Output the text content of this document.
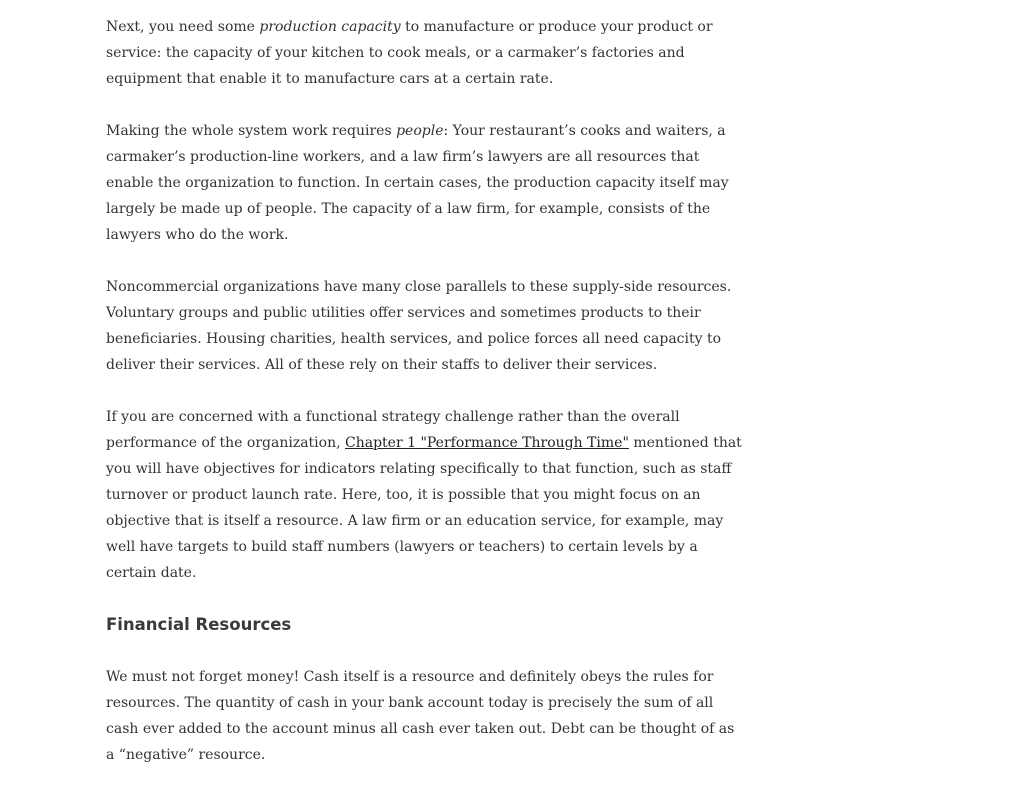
Next, you need some production capacity to manufacture or produce your product or service: the capacity of your kitchen to cook meals, or a carmaker’s factories and equipment that enable it to manufacture cars at a certain rate.

Making the whole system work requires people: Your restaurant’s cooks and waiters, a carmaker’s production-line workers, and a law firm’s lawyers are all resources that enable the organization to function. In certain cases, the production capacity itself may largely be made up of people. The capacity of a law firm, for example, consists of the lawyers who do the work.

Noncommercial organizations have many close parallels to these supply-side resources. Voluntary groups and public utilities offer services and sometimes products to their beneficiaries. Housing charities, health services, and police forces all need capacity to deliver their services. All of these rely on their staffs to deliver their services.

If you are concerned with a functional strategy challenge rather than the overall performance of the organization, Chapter 1 "Performance Through Time" mentioned that you will have objectives for indicators relating specifically to that function, such as staff turnover or product launch rate. Here, too, it is possible that you might focus on an objective that is itself a resource. A law firm or an education service, for example, may well have targets to build staff numbers (lawyers or teachers) to certain levels by a certain date.

Financial Resources

We must not forget money! Cash itself is a resource and definitely obeys the rules for resources. The quantity of cash in your bank account today is precisely the sum of all cash ever added to the account minus all cash ever taken out. Debt can be thought of as a “negative” resource.
